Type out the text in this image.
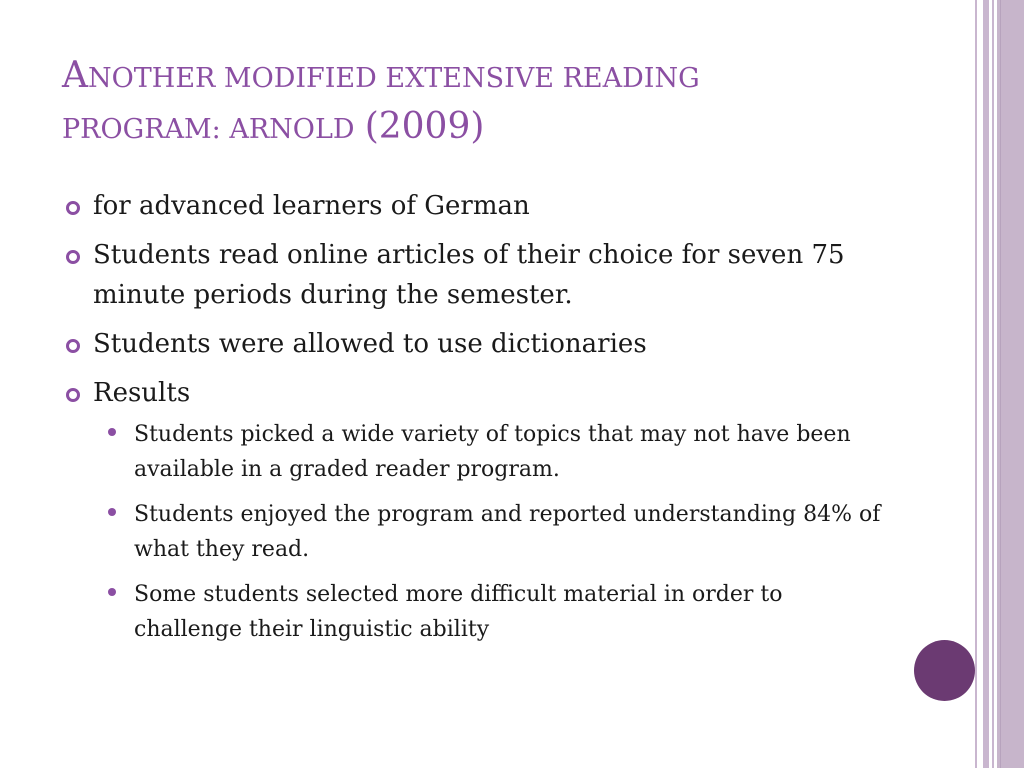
ANOTHER MODIFIED EXTENSIVE READING
PROGRAM: ARNOLD (2009)
for advanced learners of German
Students read online articles of their choice for seven 75 minute periods during the semester.
Students were allowed to use dictionaries
Results
Students picked a wide variety of topics that may not have been available in a graded reader program.
Students enjoyed the program and reported understanding 84% of what they read.
Some students selected more difficult material in order to challenge their linguistic ability
